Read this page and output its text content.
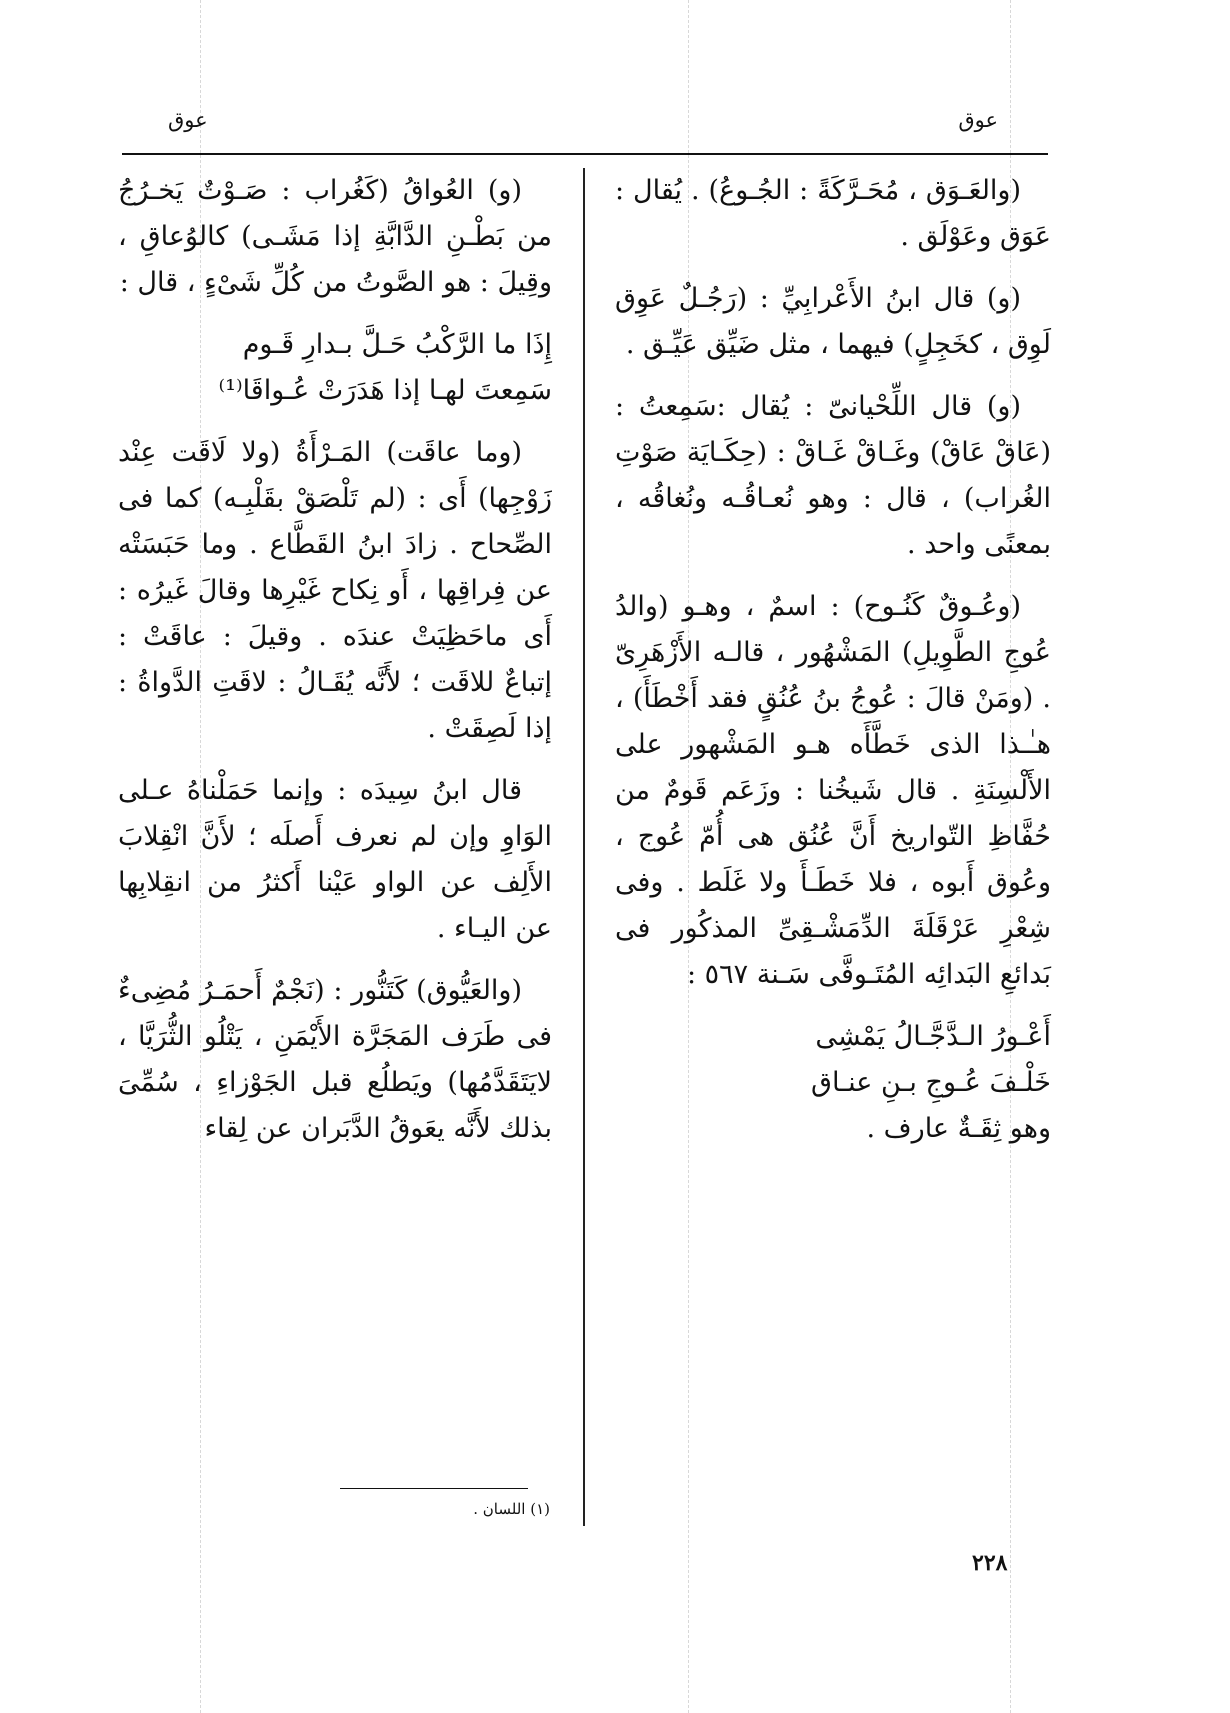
عوق
عوق

(والعَـوَق ، مُحَـرَّكَةً : الجُـوعُ) . يُقال : عَوَق وعَوْلَق .

(و) قال ابنُ الأَعْرابِيِّ : (رَجُـلٌ عَوِق لَوِق ، كخَجِلٍ) فيهما ، مثل ضَيِّق عَيِّـق .

(و) قال اللِّحْيانىّ : يُقال :سَمِعتُ : (عَاقْ عَاقْ) وغَـاقْ غَـاقْ : (حِكَـايَة صَوْتِ الغُراب) ، قال : وهو نُعـاقُـه ونُغاقُه ، بمعنًى واحد .

(وعُـوقٌ كَنُـوح) : اسمٌ ، وهـو (والدُ عُوجِ الطَّوِيلِ) المَشْهُور ، قالـه الأَزْهَرِىّ . (ومَنْ قالَ : عُوجُ بنُ عُنُقٍ فقد أَخْطَأَ) ، هـٰـذا الذى خَطَّأَه هـو المَشْهور على الأَلْسِنَةِ . قال شَيخُنا : وزَعَم قَومٌ من حُفَّاظِ التّواريخ أَنَّ عُنُق هى أُمّ عُوج ، وعُوق أَبوه ، فلا خَطَـأَ ولا غَلَط . وفى شِعْرِ عَرْقَلَةَ الدِّمَشْـقِىِّ المذكُور فى بَدائعِ البَدائِه المُتَـوفَّى سَـنة ٥٦٧ :

أَعْـورُ الـدَّجَّـالُ يَمْشِى
خَلْـفَ عُـوجِ بـنِ عنـاق
وهو ثِقَـةٌ عارف .

(و) العُواقُ (كَغُراب : صَـوْتٌ يَخـرُجُ من بَطْـنِ الدَّابَّةِ إذا مَشَـى) كالوُعاقِ ، وقِيلَ : هو الصَّوتُ من كُلِّ شَىْءٍ ، قال :

إِذَا ما الرَّكْبُ حَـلَّ بـدارِ قَـوم
سَمِعتَ لهـا إذا هَدَرَتْ عُـواقَا⁽¹⁾

(وما عاقَت) المَـرْأَةُ (ولا لَاقَت عِنْد زَوْجِها) أَى : (لم تَلْصَقْ بقَلْبِـه) كما فى الصِّحاح . زادَ ابنُ القَطَّاع . وما حَبَسَتْه عن فِراقِها ، أَو نِكاح غَيْرِها وقالَ غَيرُه : أَى ماحَظِيَتْ عندَه . وقيلَ : عاقَتْ : إتباعٌ للاقَت ؛ لأَنَّه يُقَـالُ : لاقَتِ الدَّواةُ : إذا لَصِقَتْ .

قال ابنُ سِيدَه : وإنما حَمَلْناهُ عـلى الوَاوِ وإن لم نعرف أَصلَه ؛ لأَنَّ انْقِلابَ الأَلِف عن الواو عَيْنا أَكثرُ من انقِلابِها عن اليـاء .

(والعَيُّوق) كَتَنُّور : (نَجْمٌ أَحمَـرُ مُضِىءٌ فى طَرَف المَجَرَّة الأَيْمَنِ ، يَتْلُو الثُّرَيَّا ، لايَتَقَدَّمُها) ويَطلُع قبل الجَوْزاءِ ، سُمِّىَ بذلك لأَنَّه يعَوقُ الدَّبَران عن لِقاء

(١) اللسان .
٢٢٨
